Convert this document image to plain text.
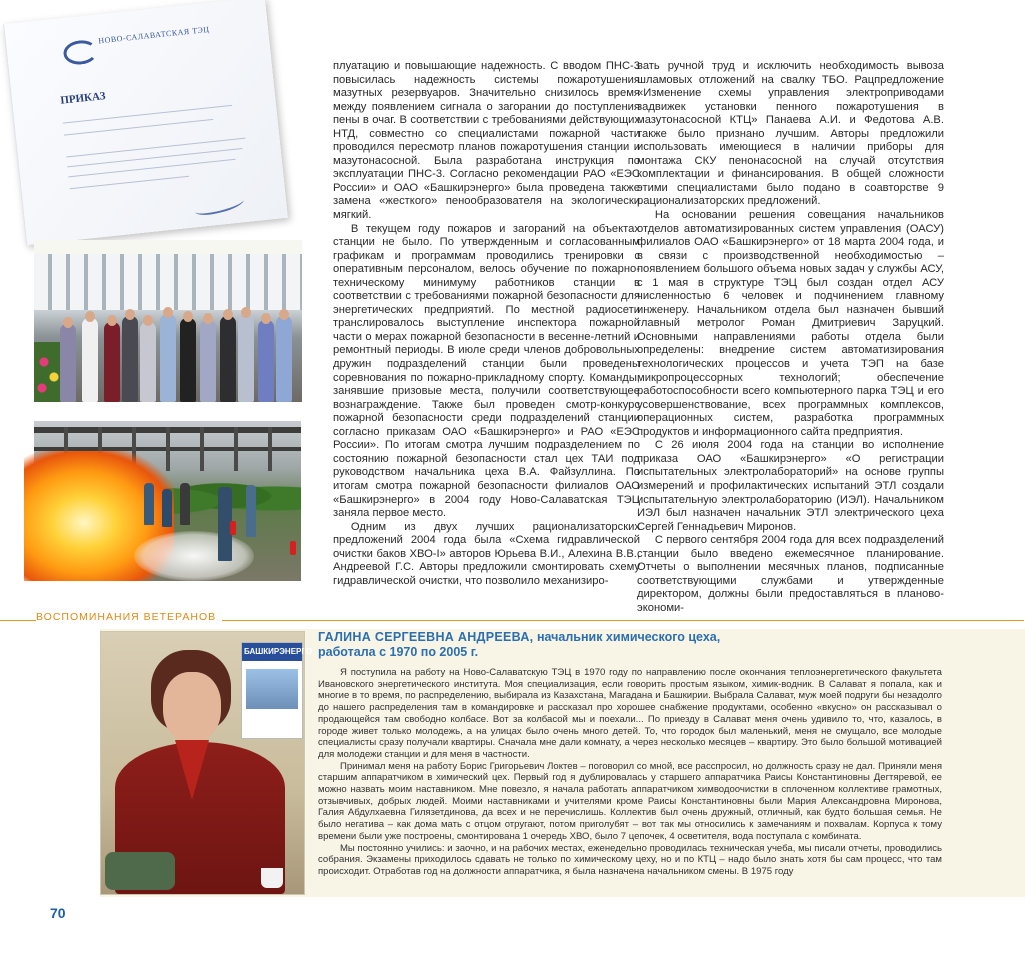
НОВО-САЛАВАТСКАЯ ТЭЦ
ПРИКАЗ

плуатацию и повышающие надежность. С вводом ПНС-3 повысилась надежность системы пожаротушения мазутных резервуаров. Значительно снизилось время между появлением сигнала о загорании до поступления пены в очаг. В соответствии с требованиями действующих НТД, совместно со специалистами пожарной части проводился пересмотр планов пожаротушения станции и мазутонасосной. Была разработана инструкция по эксплуатации ПНС-3. Согласно рекомендации РАО «ЕЭС России» и ОАО «Башкирэнерго» была проведена также замена «жесткого» пенообразователя на экологически мягкий.

В текущем году пожаров и загораний на объектах станции не было. По утвержденным и согласованным графикам и программам проводились тренировки с оперативным персоналом, велось обучение по пожарно-техническому минимуму работников станции в соответствии с требованиями пожарной безопасности для энергетических предприятий. По местной радиосети транслировалось выступление инспектора пожарной части о мерах пожарной безопасности в весенне-летний и ремонтный периоды. В июле среди членов добровольных дружин подразделений станции были проведены соревнования по пожарно-прикладному спорту. Команды, занявшие призовые места, получили соответствующее вознаграждение. Также был проведен смотр-конкурс пожарной безопасности среди подразделений станции согласно приказам ОАО «Башкирэнерго» и РАО «ЕЭС России». По итогам смотра лучшим подразделением по состоянию пожарной безопасности стал цех ТАИ под руководством начальника цеха В.А. Файзуллина. По итогам смотра пожарной безопасности филиалов ОАО «Башкирэнерго» в 2004 году Ново-Салаватская ТЭЦ заняла первое место.

Одним из двух лучших рационализаторских предложений 2004 года была «Схема гидравлической очистки баков ХВО-I» авторов Юрьева В.И., Алехина В.В., Андреевой Г.С. Авторы предложили смонтировать схему гидравлической очистки, что позволило механизиро-

вать ручной труд и исключить необходимость вывоза шламовых отложений на свалку ТБО. Рацпредложение «Изменение схемы управления электроприводами задвижек установки пенного пожаротушения в мазутонасосной КТЦ» Панаева А.И. и Федотова А.В. также было признано лучшим. Авторы предложили использовать имеющиеся в наличии приборы для монтажа СКУ пенонасосной на случай отсутствия комплектации и финансирования. В общей сложности этими специалистами было подано в соавторстве 9 рационализаторских предложений.

На основании решения совещания начальников отделов автоматизированных систем управления (ОАСУ) филиалов ОАО «Башкирэнерго» от 18 марта 2004 года, и в связи с производственной необходимостью – появлением большого объема новых задач у службы АСУ, с 1 мая в структуре ТЭЦ был создан отдел АСУ численностью 6 человек и подчинением главному инженеру. Начальником отдела был назначен бывший главный метролог Роман Дмитриевич Заруцкий. Основными направлениями работы отдела были определены: внедрение систем автоматизирования технологических процессов и учета ТЭП на базе микропроцессорных технологий; обеспечение работоспособности всего компьютерного парка ТЭЦ и его усовершенствование, всех программных комплексов, операционных систем, разработка программных продуктов и информационного сайта предприятия.

С 26 июля 2004 года на станции во исполнение приказа ОАО «Башкирэнерго» «О регистрации испытательных электролабораторий» на основе группы измерений и профилактических испытаний ЭТЛ создали испытательную электролабораторию (ИЭЛ). Начальником ИЭЛ был назначен начальник ЭТЛ электрического цеха Сергей Геннадьевич Миронов.

С первого сентября 2004 года для всех подразделений станции было введено ежемесячное планирование. Отчеты о выполнении месячных планов, подписанные соответствующими службами и утвержденные директором, должны были предоставляться в планово-экономи-

ВОСПОМИНАНИЯ ВЕТЕРАНОВ
БАШКИРЭНЕРГО
ГАЛИНА СЕРГЕЕВНА АНДРЕЕВА, начальник химического цеха,
работала с 1970 по 2005 г.

Я поступила на работу на Ново-Салаватскую ТЭЦ в 1970 году по направлению после окончания теплоэнергетического факультета Ивановского энергетического института. Моя специализация, если говорить простым языком, химик-водник. В Салават я попала, как и многие в то время, по распределению, выбирала из Казахстана, Магадана и Башкирии. Выбрала Салават, муж моей подруги бы незадолго до нашего распределения там в командировке и рассказал про хорошее снабжение продуктами, особенно «вкусно» он рассказывал о продающейся там свободно колбасе. Вот за колбасой мы и поехали... По приезду в Салават меня очень удивило то, что, казалось, в городе живет только молодежь, а на улицах было очень много детей. То, что городок был маленький, меня не смущало, все молодые специалисты сразу получали квартиры. Сначала мне дали комнату, а через несколько месяцев – квартиру. Это было большой мотивацией для молодежи станции и для меня в частности.

Принимал меня на работу Борис Григорьевич Локтев – поговорил со мной, все расспросил, но должность сразу не дал. Приняли меня старшим аппаратчиком в химический цех. Первый год я дублировалась у старшего аппаратчика Раисы Константиновны Дегтяревой, ее можно назвать моим наставником. Мне повезло, я начала работать аппаратчиком химводоочистки в сплоченном коллективе грамотных, отзывчивых, добрых людей. Моими наставниками и учителями кроме Раисы Константиновны были Мария Александровна Миронова, Галия Абдулхаевна Гилязетдинова, да всех и не перечислишь. Коллектив был очень дружный, отличный, как будто большая семья. Не было негатива – как дома мать с отцом отругают, потом приголубят – вот так мы относились к замечаниям и похвалам. Корпуса к тому времени были уже построены, смонтирована 1 очередь ХВО, было 7 цепочек, 4 осветителя, вода поступала с комбината.

Мы постоянно учились: и заочно, и на рабочих местах, еженедельно проводилась техническая учеба, мы писали отчеты, проводились собрания. Экзамены приходилось сдавать не только по химическому цеху, но и по КТЦ – надо было знать хотя бы сам процесс, что там происходит. Отработав год на должности аппаратчика, я была назначена начальником смены. В 1975 году

70
